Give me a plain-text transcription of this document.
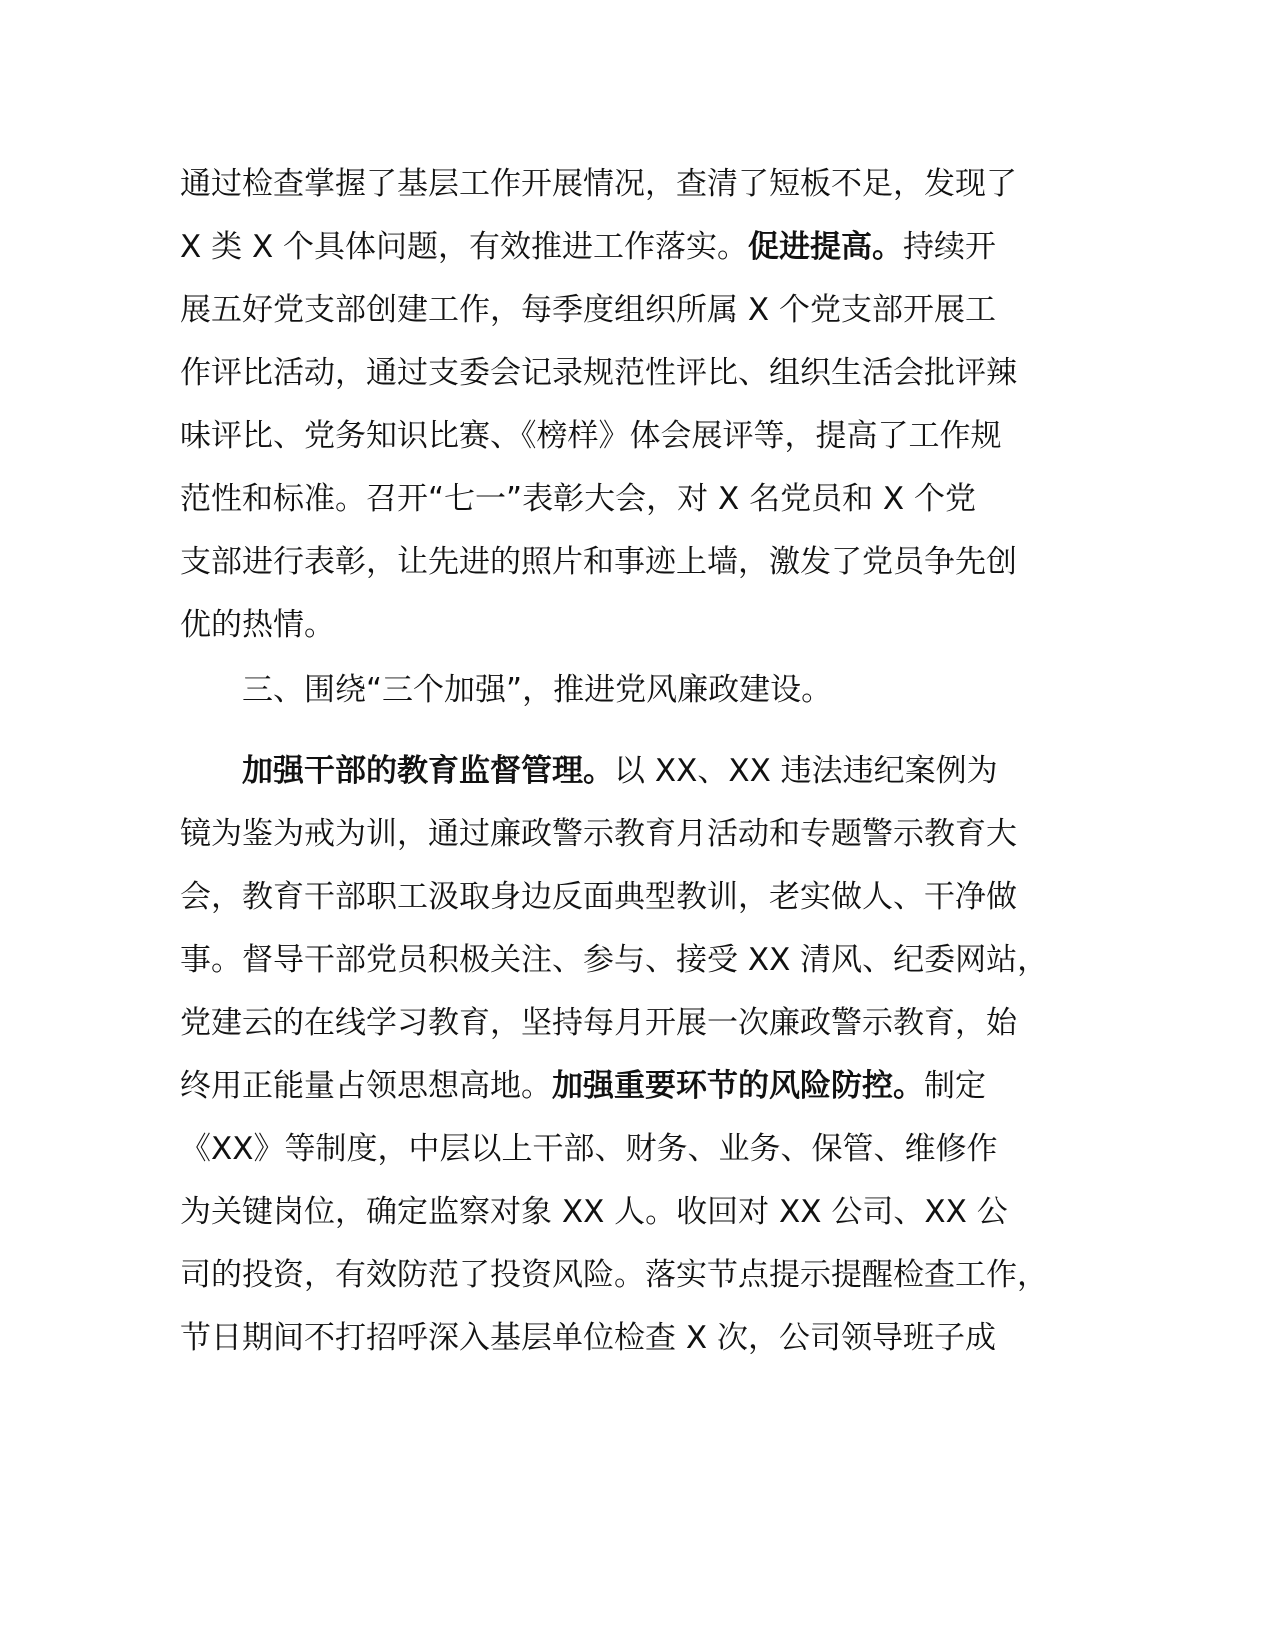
通过检查掌握了基层工作开展情况，查清了短板不足，发现了
X 类 X 个具体问题，有效推进工作落实。促进提高。持续开
展五好党支部创建工作，每季度组织所属 X 个党支部开展工
作评比活动，通过支委会记录规范性评比、组织生活会批评辣
味评比、党务知识比赛、《榜样》体会展评等，提高了工作规
范性和标准。召开“七一”表彰大会，对 X 名党员和 X 个党
支部进行表彰，让先进的照片和事迹上墙，激发了党员争先创
优的热情。
三、围绕“三个加强”，推进党风廉政建设。
加强干部的教育监督管理。以 XX、XX 违法违纪案例为
镜为鉴为戒为训，通过廉政警示教育月活动和专题警示教育大
会，教育干部职工汲取身边反面典型教训，老实做人、干净做
事。督导干部党员积极关注、参与、接受 XX 清风、纪委网站，
党建云的在线学习教育，坚持每月开展一次廉政警示教育，始
终用正能量占领思想高地。加强重要环节的风险防控。制定
《XX》等制度，中层以上干部、财务、业务、保管、维修作
为关键岗位，确定监察对象 XX 人。收回对 XX 公司、XX 公
司的投资，有效防范了投资风险。落实节点提示提醒检查工作，
节日期间不打招呼深入基层单位检查 X 次，公司领导班子成
